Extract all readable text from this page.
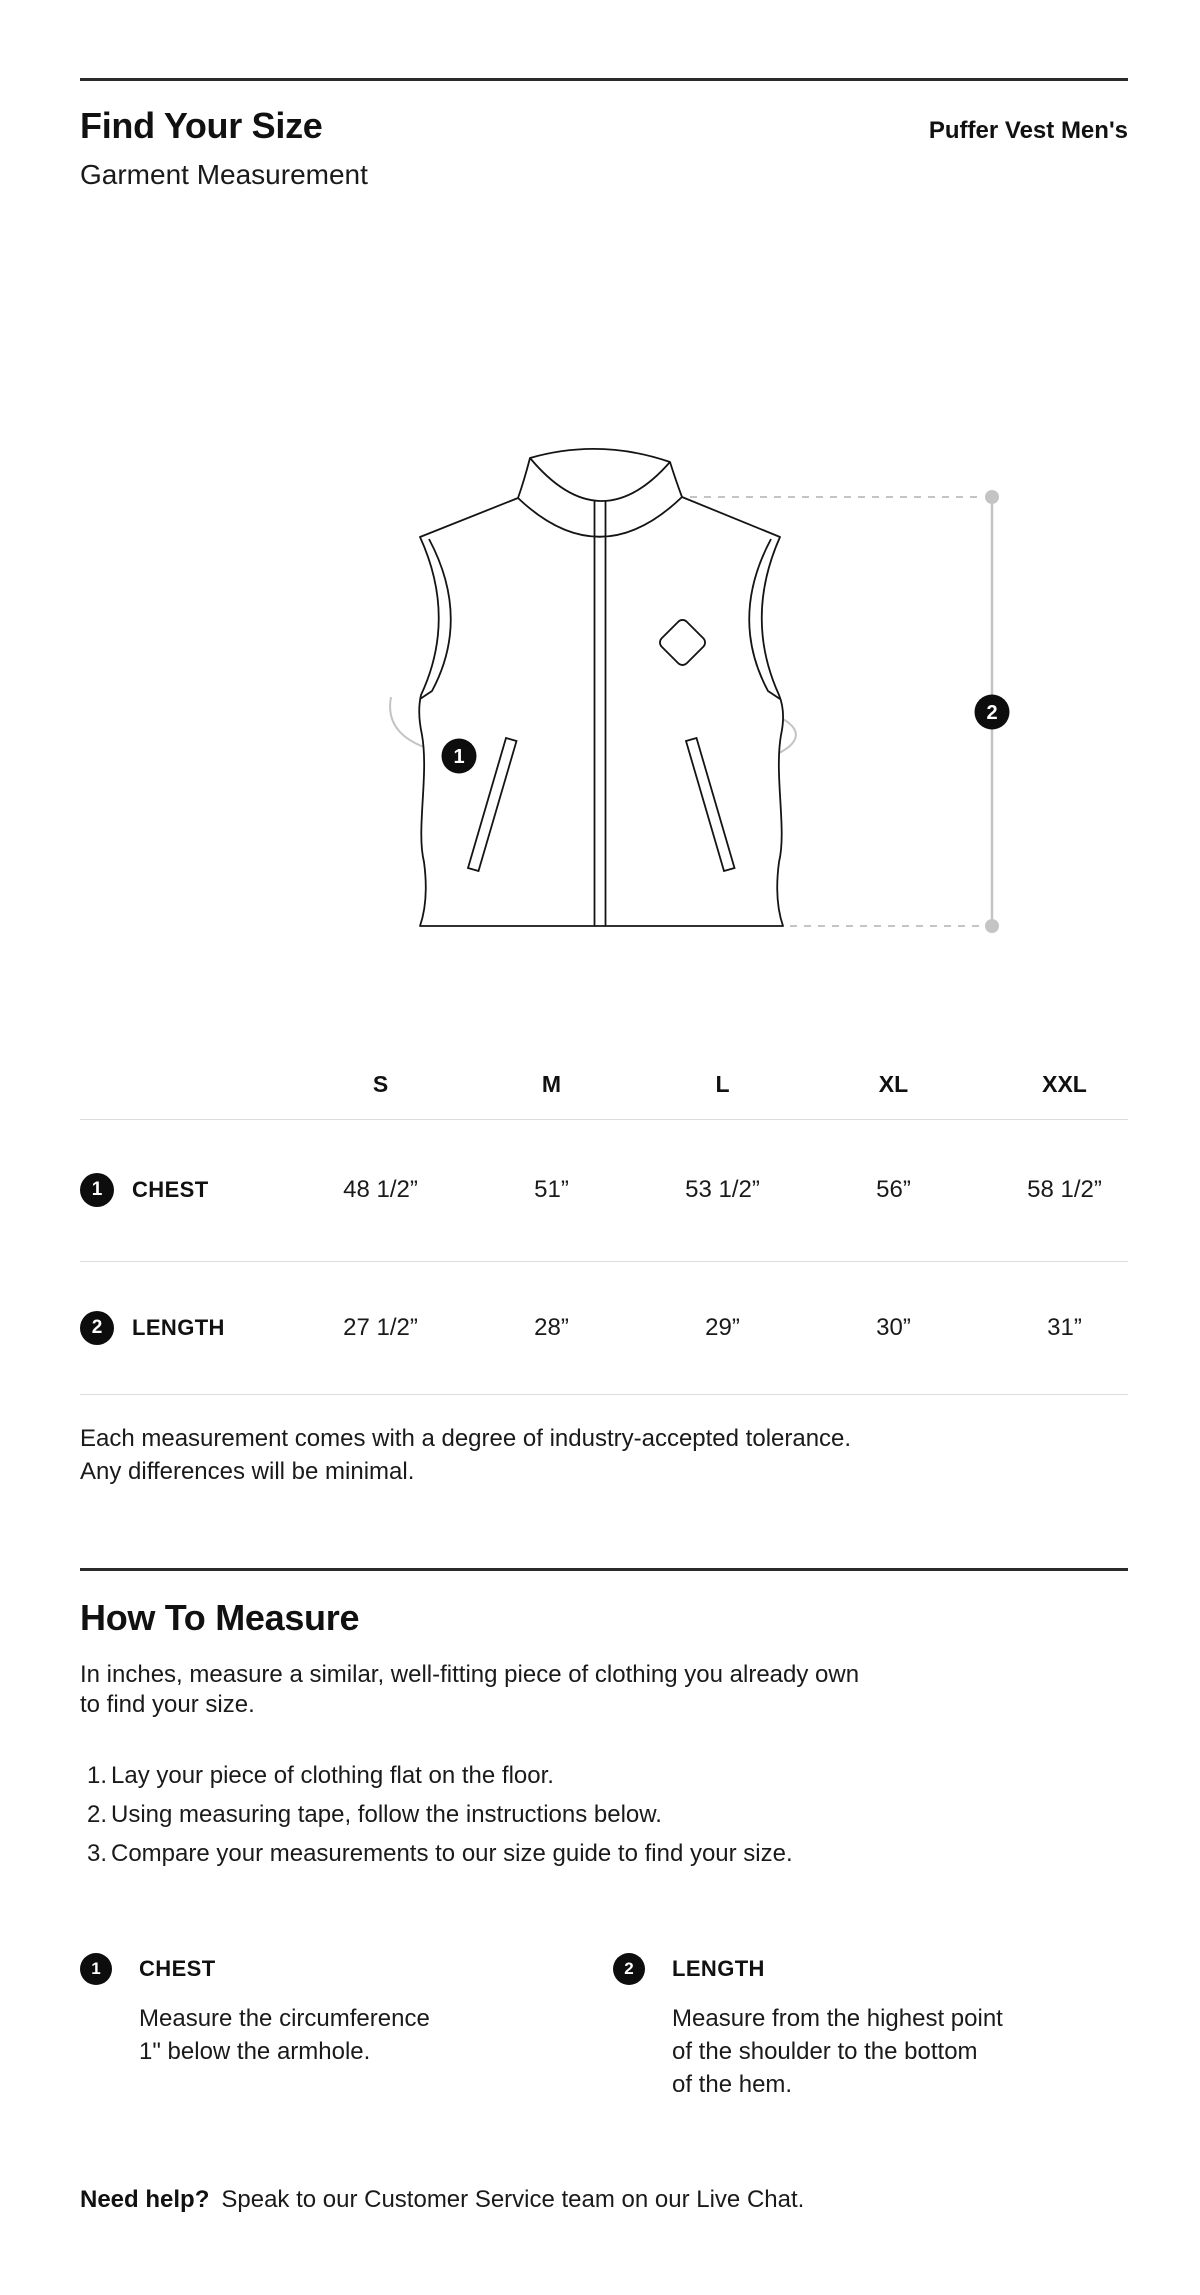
Find Your Size	Puffer Vest Men's
Garment Measurement
1
2
S	M	L	XL	XXL
1 CHEST	48 1/2”	51”	53 1/2”	56”	58 1/2”
2 LENGTH	27 1/2”	28”	29”	30”	31”
Each measurement comes with a degree of industry-accepted tolerance.
Any differences will be minimal.
How To Measure
In inches, measure a similar, well-fitting piece of clothing you already own
to find your size.
1. Lay your piece of clothing flat on the floor.
2. Using measuring tape, follow the instructions below.
3. Compare your measurements to our size guide to find your size.
1 CHEST
Measure the circumference
1" below the armhole.
2 LENGTH
Measure from the highest point
of the shoulder to the bottom
of the hem.
Need help? Speak to our Customer Service team on our Live Chat.
